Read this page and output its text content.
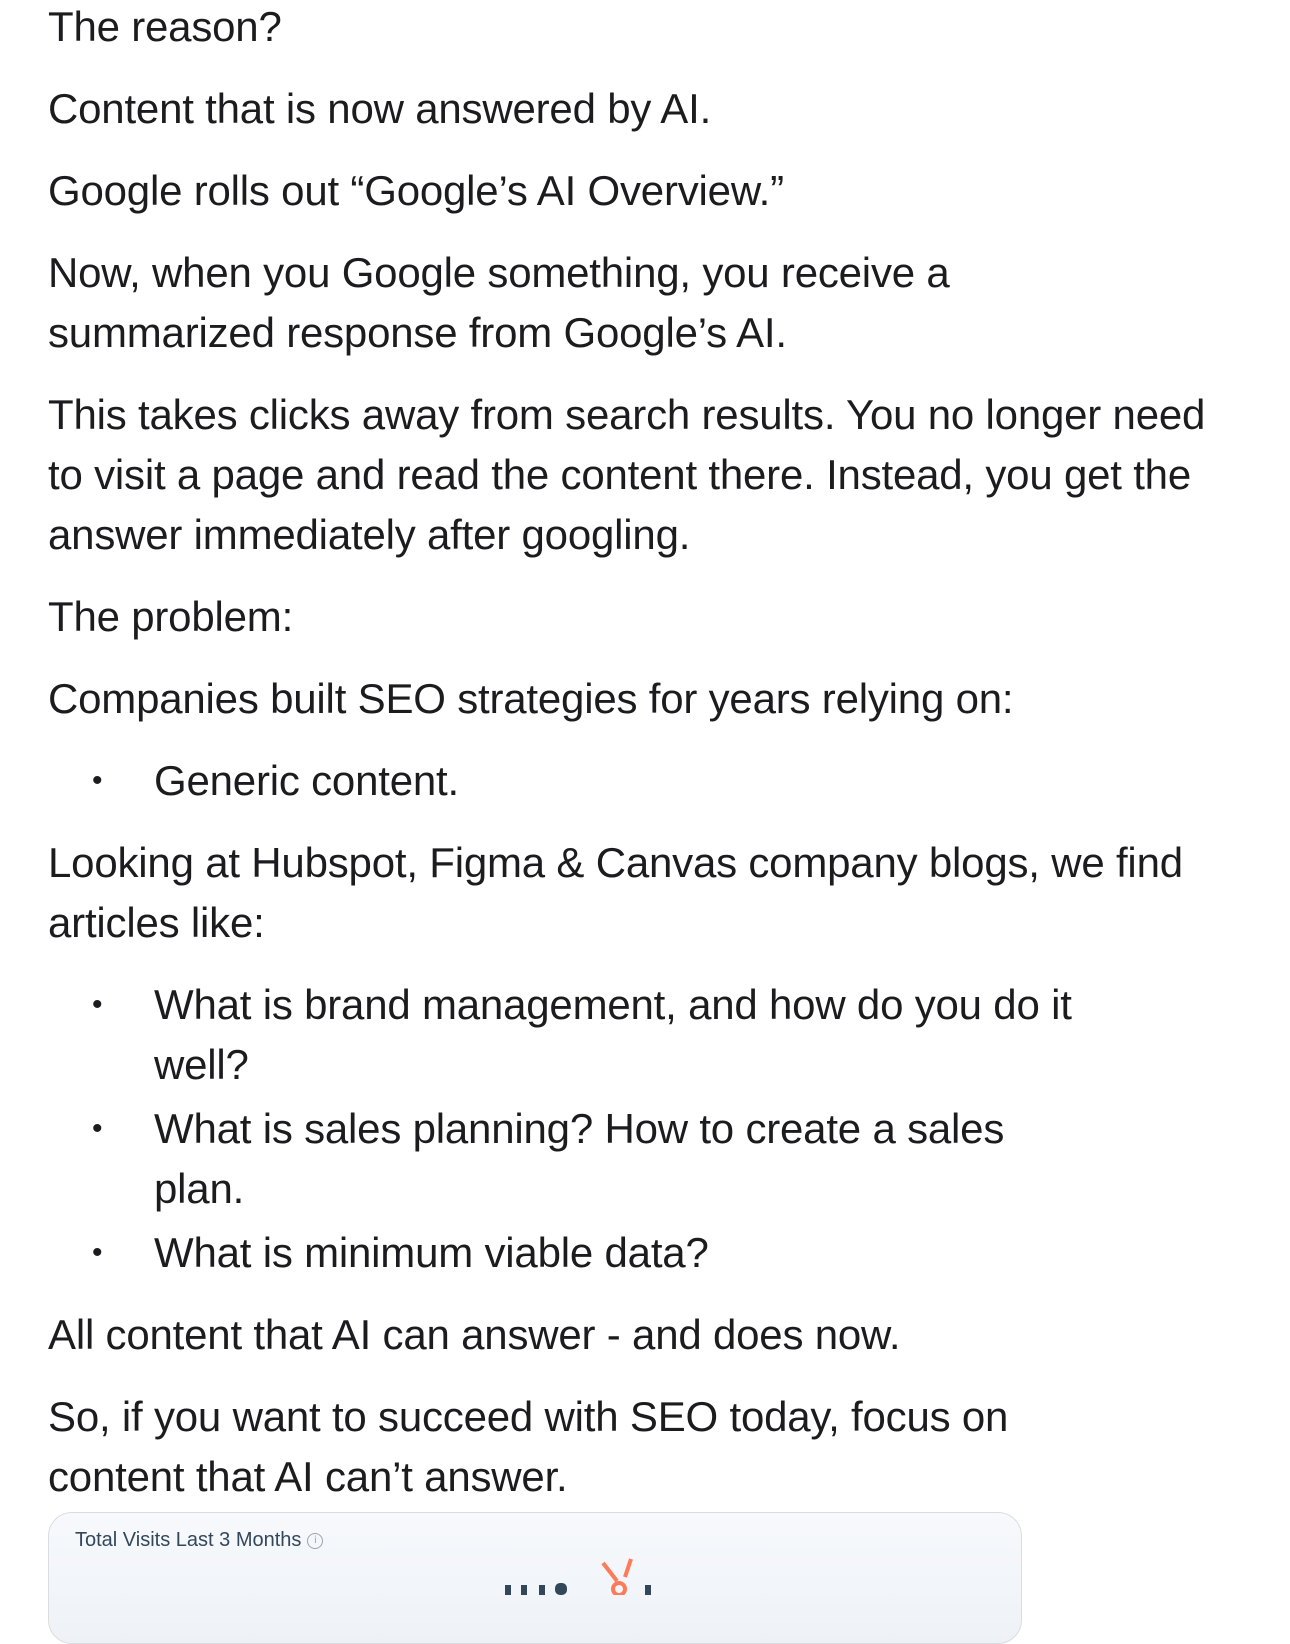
The reason?

Content that is now answered by AI.

Google rolls out “Google’s AI Overview.”

Now, when you Google something, you receive a summarized response from Google’s AI.

This takes clicks away from search results. You no longer need to visit a page and read the content there. Instead, you get the answer immediately after googling.

The problem:

Companies built SEO strategies for years relying on:

• Generic content.

Looking at Hubspot, Figma & Canvas company blogs, we find articles like:

• What is brand management, and how do you do it well?
• What is sales planning? How to create a sales plan.
• What is minimum viable data?

All content that AI can answer - and does now.

So, if you want to succeed with SEO today, focus on content that AI can’t answer.

Total Visits Last 3 Months	i
